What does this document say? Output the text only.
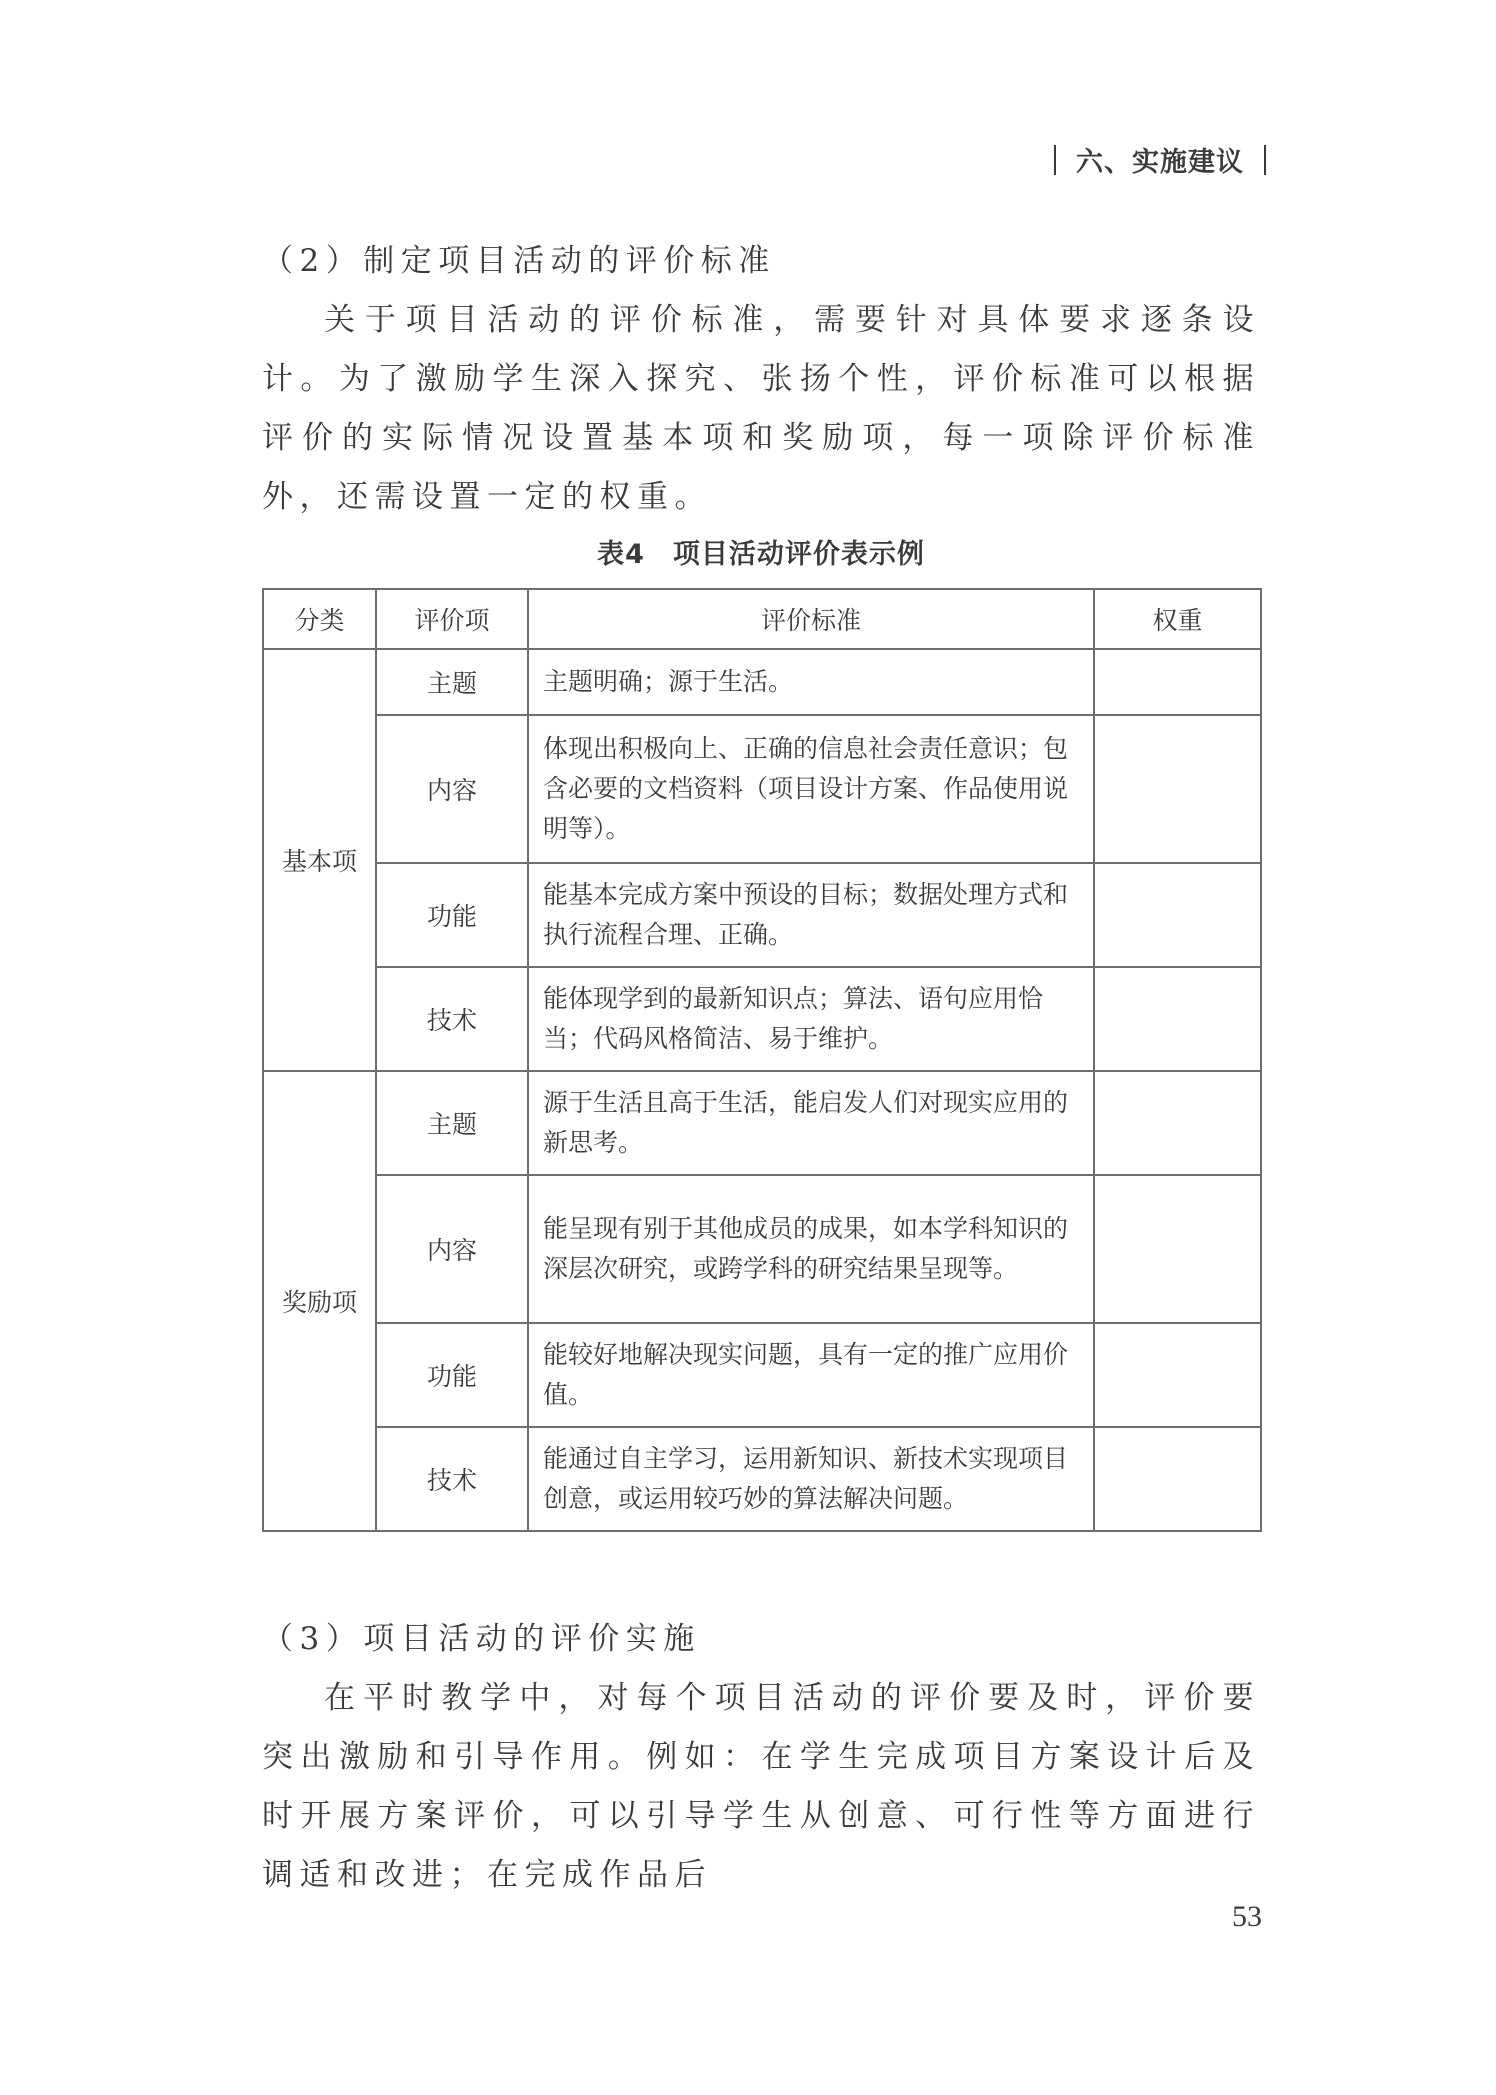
六、实施建议

（2）制定项目活动的评价标准

关于项目活动的评价标准，需要针对具体要求逐条设计。为了激励学生深入探究、张扬个性，评价标准可以根据评价的实际情况设置基本项和奖励项，每一项除评价标准外，还需设置一定的权重。

表4　项目活动评价表示例
分类	评价项	评价标准	权重
基本项	主题	主题明确；源于生活。	
	内容	体现出积极向上、正确的信息社会责任意识；包含必要的文档资料（项目设计方案、作品使用说明等）。	
	功能	能基本完成方案中预设的目标；数据处理方式和执行流程合理、正确。	
	技术	能体现学到的最新知识点；算法、语句应用恰当；代码风格简洁、易于维护。	
奖励项	主题	源于生活且高于生活，能启发人们对现实应用的新思考。	
	内容	能呈现有别于其他成员的成果，如本学科知识的深层次研究，或跨学科的研究结果呈现等。	
	功能	能较好地解决现实问题，具有一定的推广应用价值。	
	技术	能通过自主学习，运用新知识、新技术实现项目创意，或运用较巧妙的算法解决问题。	

（3）项目活动的评价实施

在平时教学中，对每个项目活动的评价要及时，评价要突出激励和引导作用。例如：在学生完成项目方案设计后及时开展方案评价，可以引导学生从创意、可行性等方面进行调适和改进；在完成作品后

53
